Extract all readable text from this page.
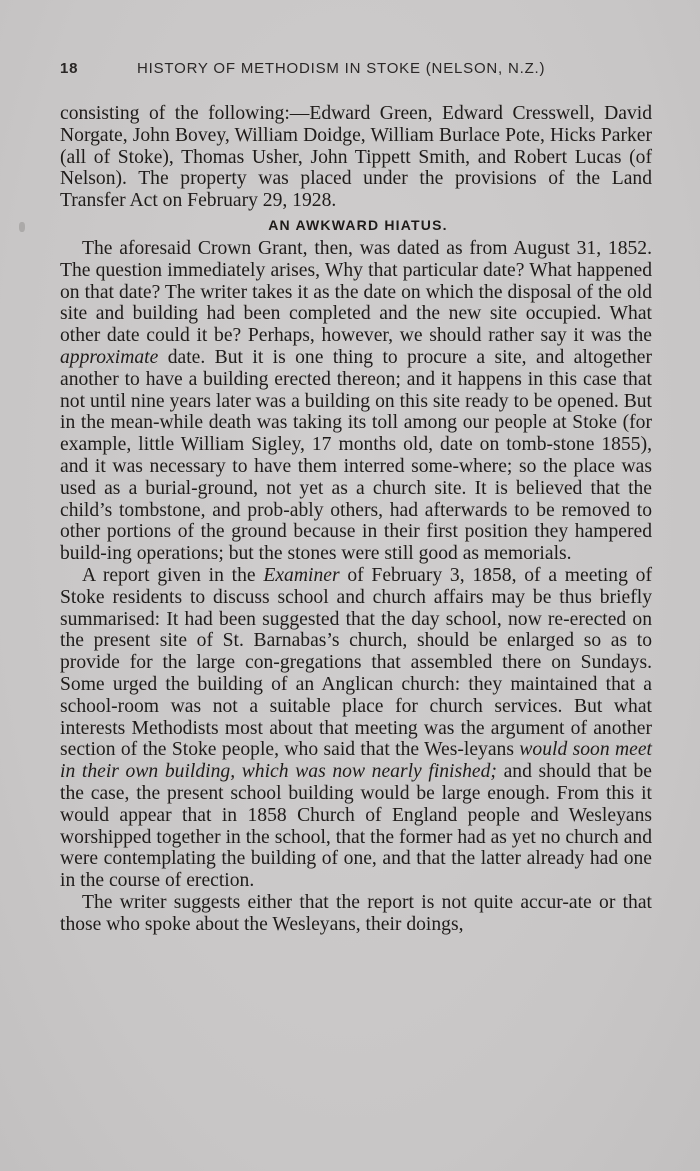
18	HISTORY OF METHODISM IN STOKE (NELSON, N.Z.)

consisting of the following:—Edward Green, Edward Cresswell, David Norgate, John Bovey, William Doidge, William Burlace Pote, Hicks Parker (all of Stoke), Thomas Usher, John Tippett Smith, and Robert Lucas (of Nelson). The property was placed under the provisions of the Land Transfer Act on February 29, 1928.

AN AWKWARD HIATUS.

The aforesaid Crown Grant, then, was dated as from August 31, 1852. The question immediately arises, Why that particular date? What happened on that date? The writer takes it as the date on which the disposal of the old site and building had been completed and the new site occupied. What other date could it be? Perhaps, however, we should rather say it was the approximate date. But it is one thing to procure a site, and altogether another to have a building erected thereon; and it happens in this case that not until nine years later was a building on this site ready to be opened. But in the mean-while death was taking its toll among our people at Stoke (for example, little William Sigley, 17 months old, date on tomb-stone 1855), and it was necessary to have them interred some-where; so the place was used as a burial-ground, not yet as a church site. It is believed that the child’s tombstone, and prob-ably others, had afterwards to be removed to other portions of the ground because in their first position they hampered build-ing operations; but the stones were still good as memorials.

A report given in the Examiner of February 3, 1858, of a meeting of Stoke residents to discuss school and church affairs may be thus briefly summarised: It had been suggested that the day school, now re-erected on the present site of St. Barnabas’s church, should be enlarged so as to provide for the large con-gregations that assembled there on Sundays. Some urged the building of an Anglican church: they maintained that a school-room was not a suitable place for church services. But what interests Methodists most about that meeting was the argument of another section of the Stoke people, who said that the Wes-leyans would soon meet in their own building, which was now nearly finished; and should that be the case, the present school building would be large enough. From this it would appear that in 1858 Church of England people and Wesleyans worshipped together in the school, that the former had as yet no church and were contemplating the building of one, and that the latter already had one in the course of erection.

The writer suggests either that the report is not quite accur-ate or that those who spoke about the Wesleyans, their doings,
